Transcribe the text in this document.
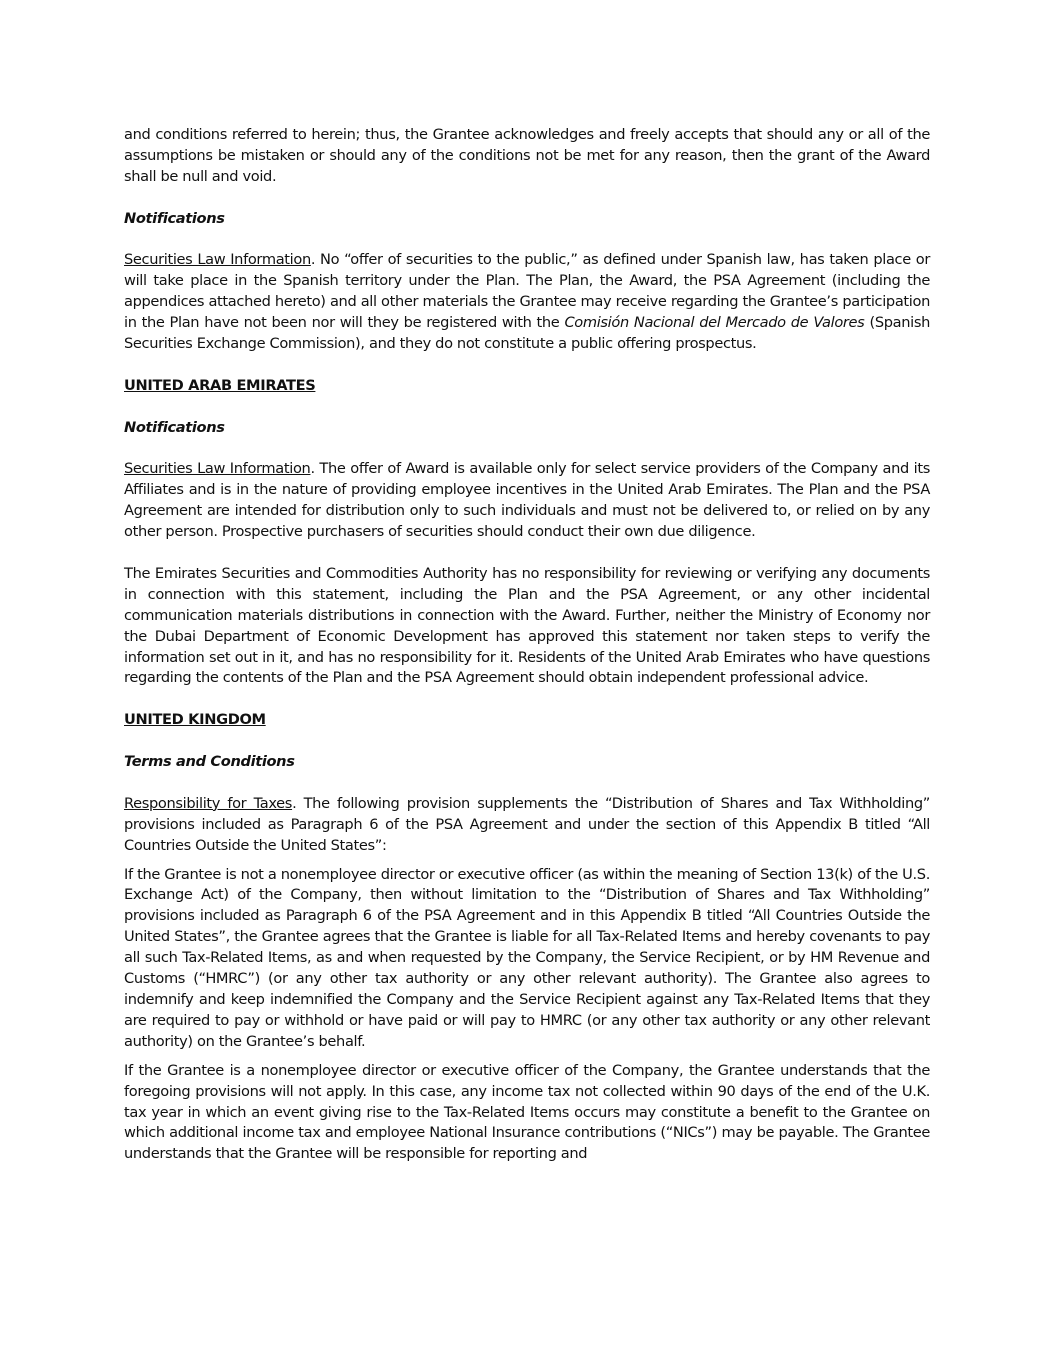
and conditions referred to herein; thus, the Grantee acknowledges and freely accepts that should any or all of the assumptions be mistaken or should any of the conditions not be met for any reason, then the grant of the Award shall be null and void.

Notifications

Securities Law Information. No “offer of securities to the public,” as defined under Spanish law, has taken place or will take place in the Spanish territory under the Plan. The Plan, the Award, the PSA Agreement (including the appendices attached hereto) and all other materials the Grantee may receive regarding the Grantee’s participation in the Plan have not been nor will they be registered with the Comisión Nacional del Mercado de Valores (Spanish Securities Exchange Commission), and they do not constitute a public offering prospectus.

UNITED ARAB EMIRATES
Notifications

Securities Law Information. The offer of Award is available only for select service providers of the Company and its Affiliates and is in the nature of providing employee incentives in the United Arab Emirates. The Plan and the PSA Agreement are intended for distribution only to such individuals and must not be delivered to, or relied on by any other person. Prospective purchasers of securities should conduct their own due diligence.

The Emirates Securities and Commodities Authority has no responsibility for reviewing or verifying any documents in connection with this statement, including the Plan and the PSA Agreement, or any other incidental communication materials distributions in connection with the Award. Further, neither the Ministry of Economy nor the Dubai Department of Economic Development has approved this statement nor taken steps to verify the information set out in it, and has no responsibility for it. Residents of the United Arab Emirates who have questions regarding the contents of the Plan and the PSA Agreement should obtain independent professional advice.

UNITED KINGDOM
Terms and Conditions

Responsibility for Taxes. The following provision supplements the “Distribution of Shares and Tax Withholding” provisions included as Paragraph 6 of the PSA Agreement and under the section of this Appendix B titled “All Countries Outside the United States”:

If the Grantee is not a nonemployee director or executive officer (as within the meaning of Section 13(k) of the U.S. Exchange Act) of the Company, then without limitation to the “Distribution of Shares and Tax Withholding” provisions included as Paragraph 6 of the PSA Agreement and in this Appendix B titled “All Countries Outside the United States”, the Grantee agrees that the Grantee is liable for all Tax-Related Items and hereby covenants to pay all such Tax-Related Items, as and when requested by the Company, the Service Recipient, or by HM Revenue and Customs (“HMRC”) (or any other tax authority or any other relevant authority). The Grantee also agrees to indemnify and keep indemnified the Company and the Service Recipient against any Tax-Related Items that they are required to pay or withhold or have paid or will pay to HMRC (or any other tax authority or any other relevant authority) on the Grantee’s behalf.

If the Grantee is a nonemployee director or executive officer of the Company, the Grantee understands that the foregoing provisions will not apply. In this case, any income tax not collected within 90 days of the end of the U.K. tax year in which an event giving rise to the Tax-Related Items occurs may constitute a benefit to the Grantee on which additional income tax and employee National Insurance contributions (“NICs”) may be payable. The Grantee understands that the Grantee will be responsible for reporting and
